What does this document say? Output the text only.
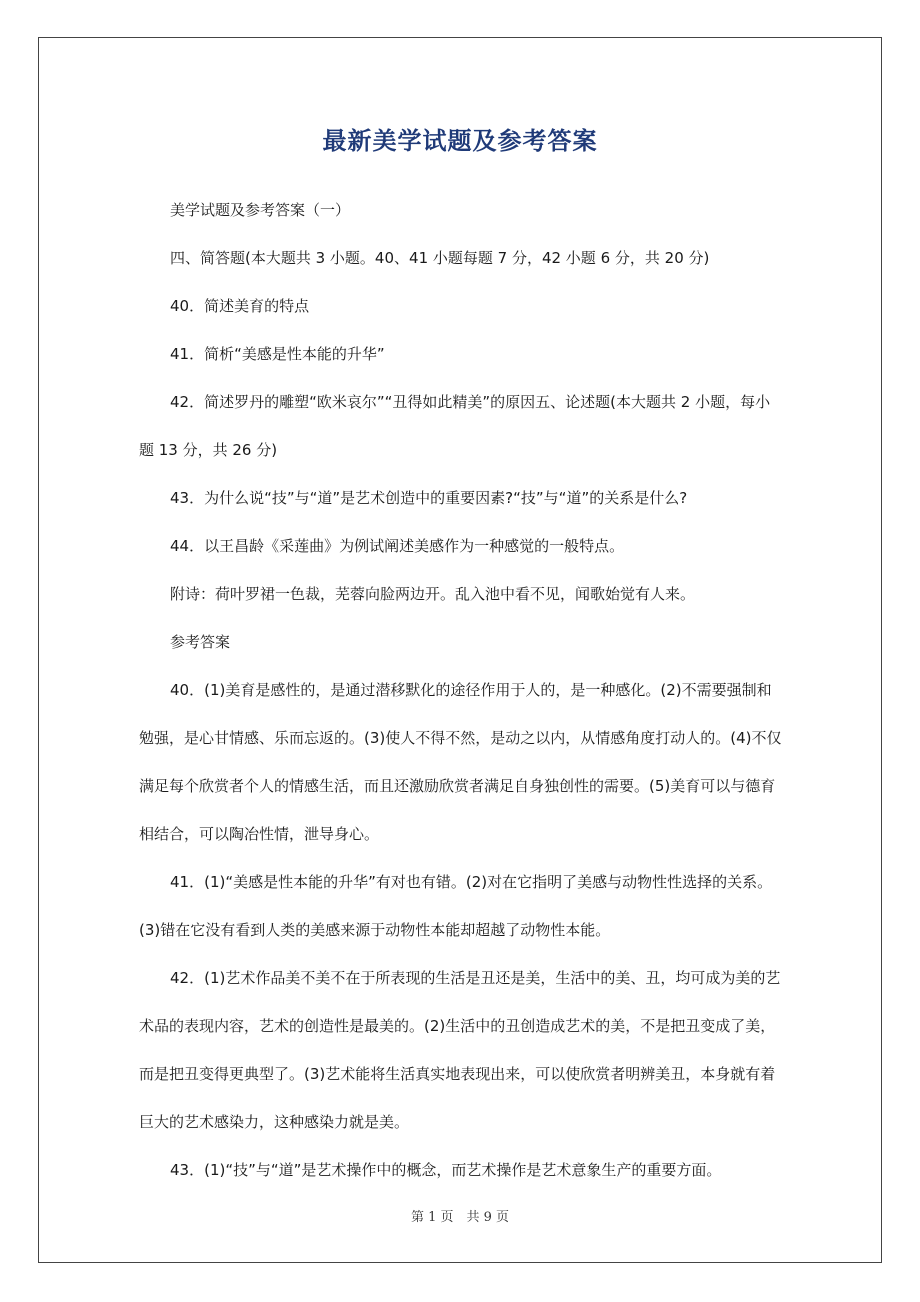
最新美学试题及参考答案

美学试题及参考答案（一）

四、简答题(本大题共 3 小题。40、41 小题每题 7 分，42 小题 6 分，共 20 分)

40．简述美育的特点

41．简析“美感是性本能的升华”

42．简述罗丹的雕塑“欧米哀尔”“丑得如此精美”的原因五、论述题(本大题共 2 小题，每小题 13 分，共 26 分)

43．为什么说“技”与“道”是艺术创造中的重要因素?“技”与“道”的关系是什么?

44．以王昌龄《采莲曲》为例试阐述美感作为一种感觉的一般特点。

附诗：荷叶罗裙一色裁，芜蓉向脸两边开。乱入池中看不见，闻歌始觉有人来。

参考答案

40．(1)美育是感性的，是通过潜移默化的途径作用于人的，是一种感化。(2)不需要强制和勉强，是心甘情感、乐而忘返的。(3)使人不得不然，是动之以内，从情感角度打动人的。(4)不仅满足每个欣赏者个人的情感生活，而且还激励欣赏者满足自身独创性的需要。(5)美育可以与德育相结合，可以陶冶性情，泄导身心。

41．(1)“美感是性本能的升华”有对也有错。(2)对在它指明了美感与动物性性选择的关系。(3)错在它没有看到人类的美感来源于动物性本能却超越了动物性本能。

42．(1)艺术作品美不美不在于所表现的生活是丑还是美，生活中的美、丑，均可成为美的艺术品的表现内容，艺术的创造性是最美的。(2)生活中的丑创造成艺术的美，不是把丑变成了美，而是把丑变得更典型了。(3)艺术能将生活真实地表现出来，可以使欣赏者明辨美丑，本身就有着巨大的艺术感染力，这种感染力就是美。

43．(1)“技”与“道”是艺术操作中的概念，而艺术操作是艺术意象生产的重要方面。

第 1 页　共 9 页
